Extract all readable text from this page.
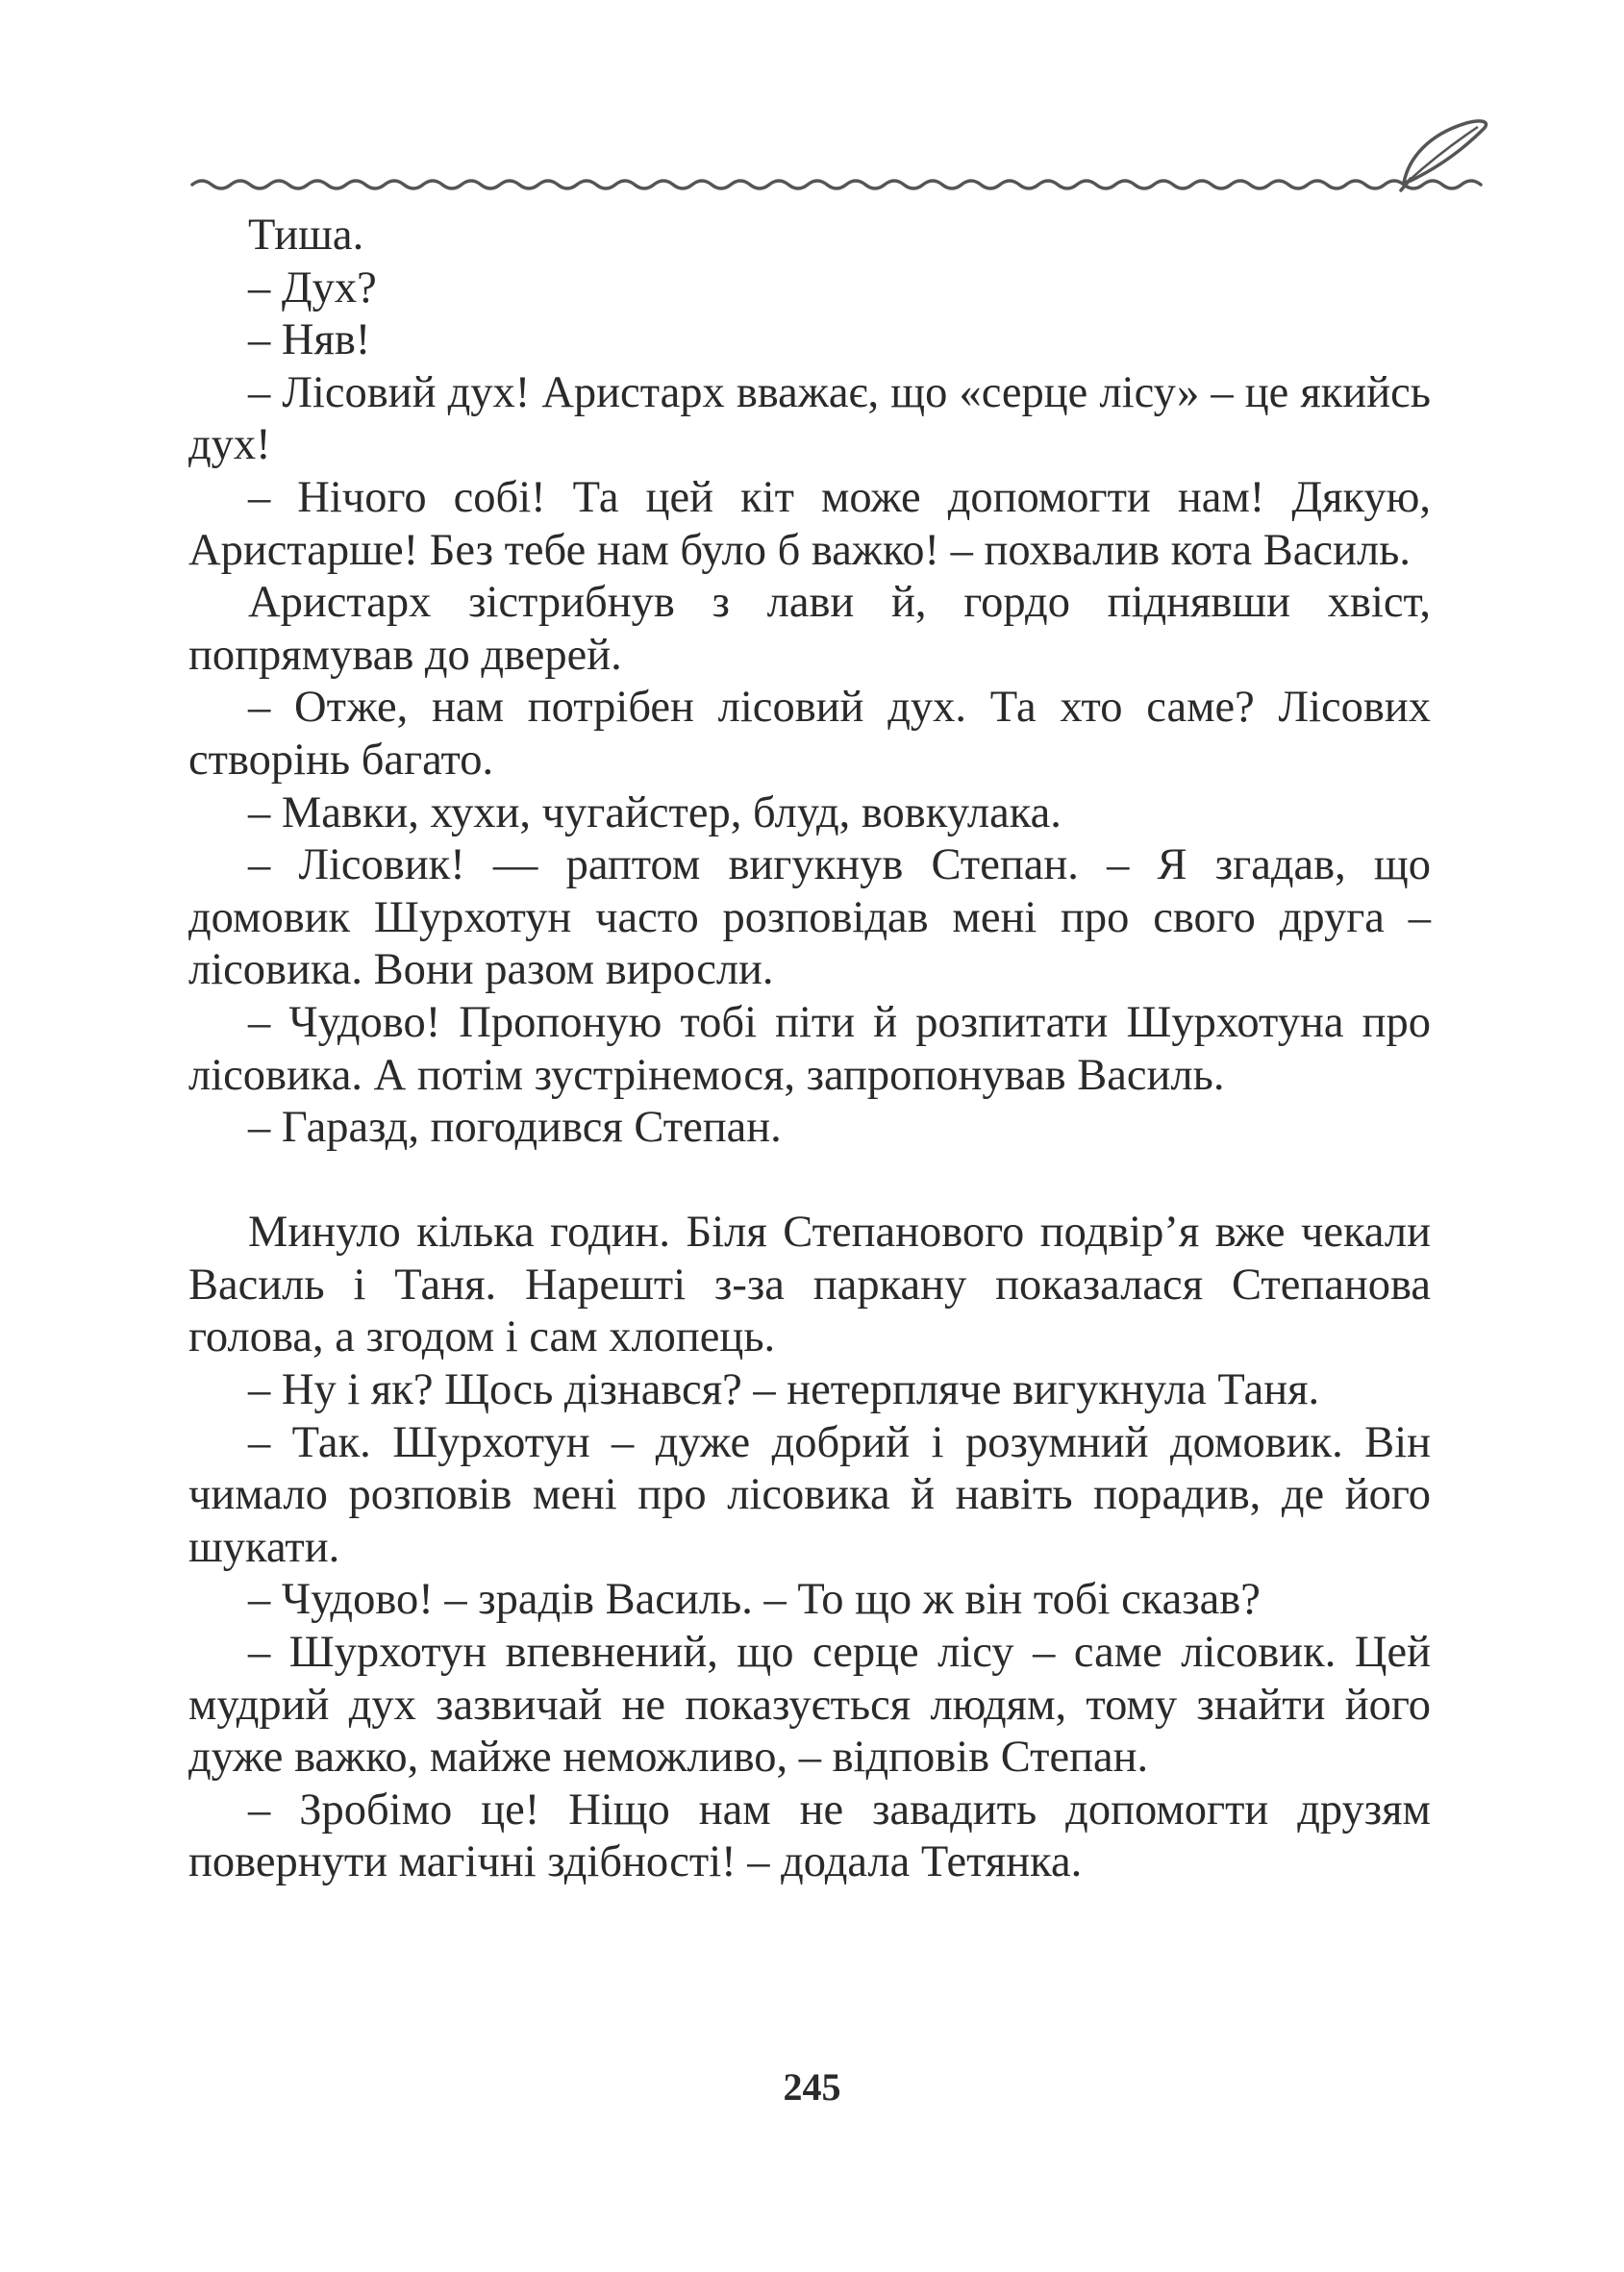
Тиша.

– Дух?

– Няв!

– Лісовий дух! Аристарх вважає, що «серце лісу» – це якийсь дух!

– Нічого собі! Та цей кіт може допомогти нам! Дякую, Аристарше! Без тебе нам було б важко! – похвалив кота Василь.

Аристарх зістрибнув з лави й, гордо піднявши хвіст, попрямував до дверей.

– Отже, нам потрібен лісовий дух. Та хто саме? Лісових створінь багато.

– Мавки, хухи, чугайстер, блуд, вовкулака.

– Лісовик! — раптом вигукнув Степан. – Я згадав, що домовик Шурхотун часто розповідав мені про свого друга – лісовика. Вони разом виросли.

– Чудово! Пропоную тобі піти й розпитати Шурхотуна про лісовика. А потім зустрінемося, запропонував Василь.

– Гаразд, погодився Степан.

Минуло кілька годин. Біля Степанового подвір’я вже чекали Василь і Таня. Нарешті з-за паркану показалася Степанова голова, а згодом і сам хлопець.

– Ну і як? Щось дізнався? – нетерпляче вигукнула Таня.

– Так. Шурхотун – дуже добрий і розумний домовик. Він чимало розповів мені про лісовика й навіть порадив, де його шукати.

– Чудово! – зрадів Василь. – То що ж він тобі сказав?

– Шурхотун впевнений, що серце лісу – саме лісовик. Цей мудрий дух зазвичай не показується людям, тому знайти його дуже важко, майже неможливо, – відповів Степан.

– Зробімо це! Ніщо нам не завадить допомогти друзям повернути магічні здібності! – додала Тетянка.

245
